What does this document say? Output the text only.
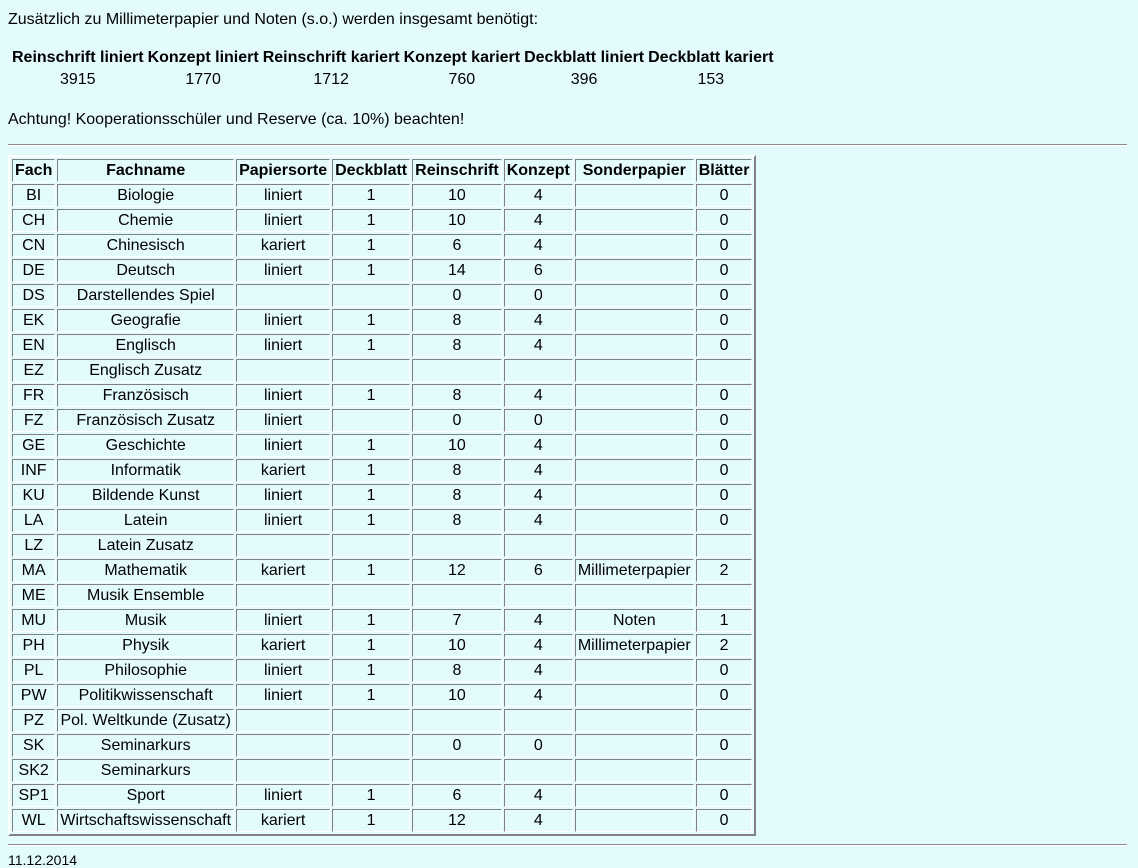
Zusätzlich zu Millimeterpapier und Noten (s.o.) werden insgesamt benötigt:

Reinschrift liniert	Konzept liniert	Reinschrift kariert	Konzept kariert	Deckblatt liniert	Deckblatt kariert
3915	1770	1712	760	396	153

Achtung! Kooperationsschüler und Reserve (ca. 10%) beachten!

Fach	Fachname	Papiersorte	Deckblatt	Reinschrift	Konzept	Sonderpapier	Blätter
BI	Biologie	liniert	1	10	4		0
CH	Chemie	liniert	1	10	4		0
CN	Chinesisch	kariert	1	6	4		0
DE	Deutsch	liniert	1	14	6		0
DS	Darstellendes Spiel			0	0		0
EK	Geografie	liniert	1	8	4		0
EN	Englisch	liniert	1	8	4		0
EZ	Englisch Zusatz						
FR	Französisch	liniert	1	8	4		0
FZ	Französisch Zusatz	liniert		0	0		0
GE	Geschichte	liniert	1	10	4		0
INF	Informatik	kariert	1	8	4		0
KU	Bildende Kunst	liniert	1	8	4		0
LA	Latein	liniert	1	8	4		0
LZ	Latein Zusatz						
MA	Mathematik	kariert	1	12	6	Millimeterpapier	2
ME	Musik Ensemble						
MU	Musik	liniert	1	7	4	Noten	1
PH	Physik	kariert	1	10	4	Millimeterpapier	2
PL	Philosophie	liniert	1	8	4		0
PW	Politikwissenschaft	liniert	1	10	4		0
PZ	Pol. Weltkunde (Zusatz)						
SK	Seminarkurs			0	0		0
SK2	Seminarkurs						
SP1	Sport	liniert	1	6	4		0
WL	Wirtschaftswissenschaft	kariert	1	12	4		0

11.12.2014
